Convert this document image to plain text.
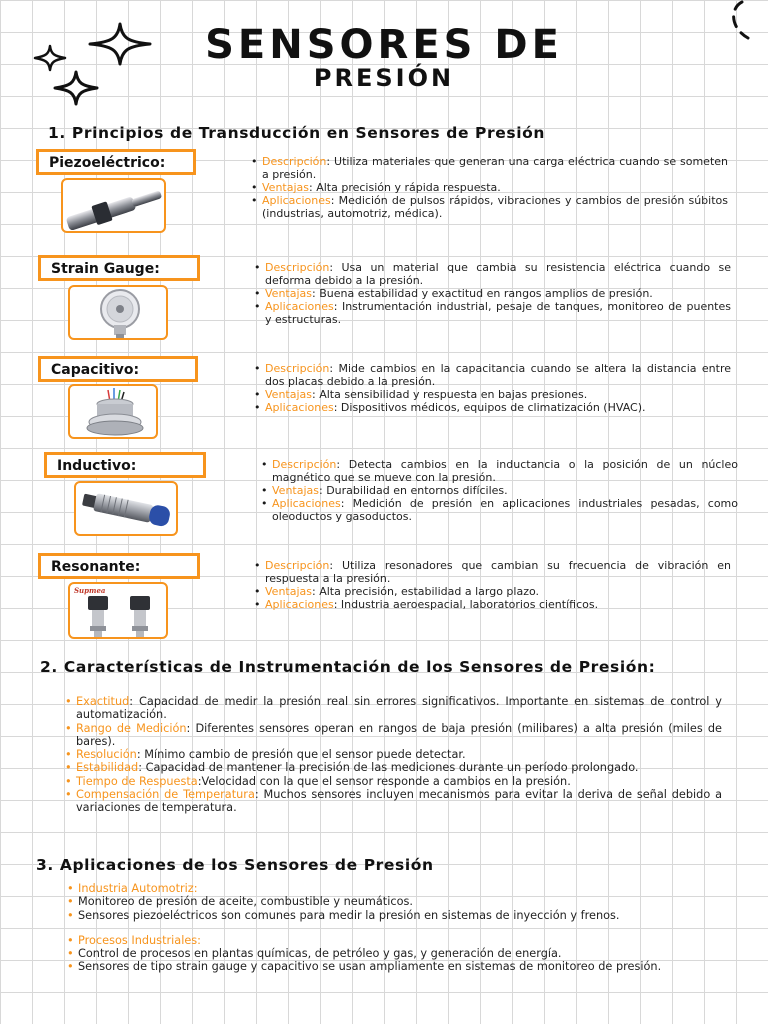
SENSORES DE
PRESIÓN
1. Principios de Transducción en Sensores de Presión
Piezoeléctrico:	• Descripción: Utiliza materiales que generan una carga eléctrica cuando se someten a presión.
• Ventajas: Alta precisión y rápida respuesta.
• Aplicaciones: Medición de pulsos rápidos, vibraciones y cambios de presión súbitos (industrias, automotriz, médica).
Strain Gauge:	• Descripción: Usa un material que cambia su resistencia eléctrica cuando se deforma debido a la presión.
• Ventajas: Buena estabilidad y exactitud en rangos amplios de presión.
• Aplicaciones: Instrumentación industrial, pesaje de tanques, monitoreo de puentes y estructuras.
Capacitivo:	• Descripción: Mide cambios en la capacitancia cuando se altera la distancia entre dos placas debido a la presión.
• Ventajas: Alta sensibilidad y respuesta en bajas presiones.
• Aplicaciones: Dispositivos médicos, equipos de climatización (HVAC).
Inductivo:	• Descripción: Detecta cambios en la inductancia o la posición de un núcleo magnético que se mueve con la presión.
• Ventajas: Durabilidad en entornos difíciles.
• Aplicaciones: Medición de presión en aplicaciones industriales pesadas, como oleoductos y gasoductos.
Resonante:
Supmea
• Descripción: Utiliza resonadores que cambian su frecuencia de vibración en respuesta a la presión.
• Ventajas: Alta precisión, estabilidad a largo plazo.
• Aplicaciones: Industria aeroespacial, laboratorios científicos.
2. Características de Instrumentación de los Sensores de Presión:
• Exactitud: Capacidad de medir la presión real sin errores significativos. Importante en sistemas de control y automatización.
• Rango de Medición: Diferentes sensores operan en rangos de baja presión (milibares) a alta presión (miles de bares).
• Resolución: Mínimo cambio de presión que el sensor puede detectar.
• Estabilidad: Capacidad de mantener la precisión de las mediciones durante un período prolongado.
• Tiempo de Respuesta:Velocidad con la que el sensor responde a cambios en la presión.
• Compensación de Temperatura: Muchos sensores incluyen mecanismos para evitar la deriva de señal debido a variaciones de temperatura.
3. Aplicaciones de los Sensores de Presión
• Industria Automotriz:
• Monitoreo de presión de aceite, combustible y neumáticos.
• Sensores piezoeléctricos son comunes para medir la presión en sistemas de inyección y frenos.
• Procesos Industriales:
• Control de procesos en plantas químicas, de petróleo y gas, y generación de energía.
• Sensores de tipo strain gauge y capacitivo se usan ampliamente en sistemas de monitoreo de presión.
